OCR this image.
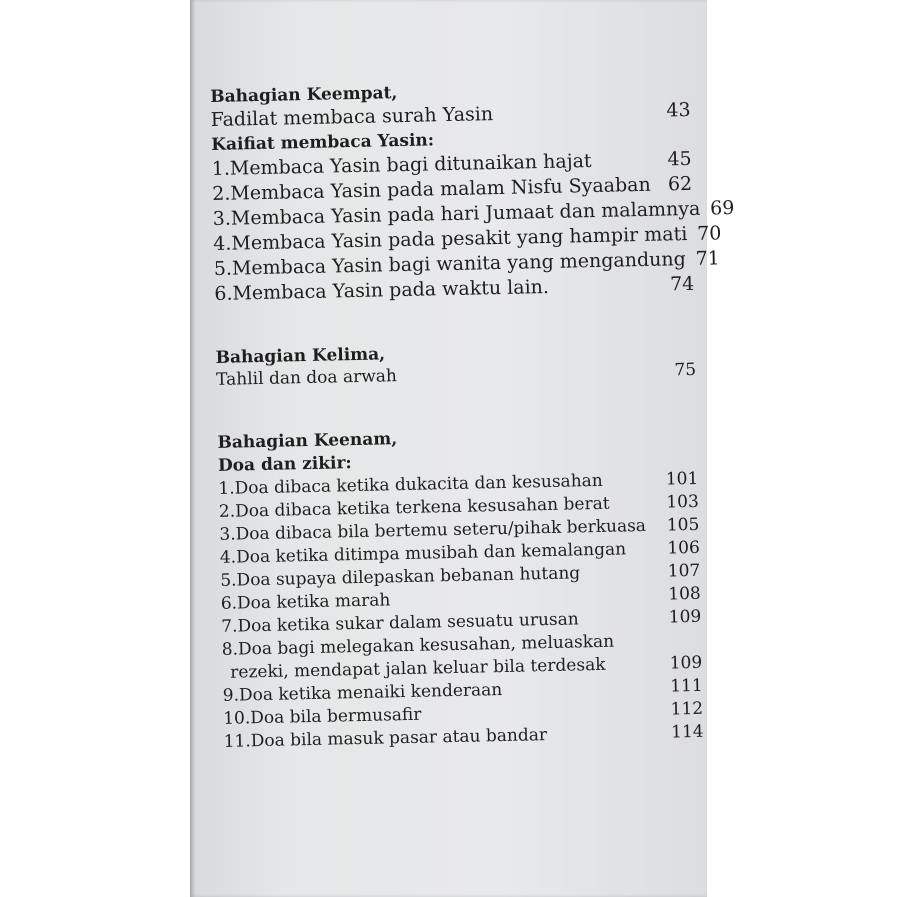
Bahagian Keempat,
Fadilat membaca surah Yasin	43
Kaifiat membaca Yasin:
1.Membaca Yasin bagi ditunaikan hajat	45
2.Membaca Yasin pada malam Nisfu Syaaban 62
3.Membaca Yasin pada hari Jumaat dan malamnya 69
4.Membaca Yasin pada pesakit yang hampir mati 70
5.Membaca Yasin bagi wanita yang mengandung 71
6.Membaca Yasin pada waktu lain.	74
Bahagian Kelima,
Tahlil dan doa arwah	75
Bahagian Keenam,
Doa dan zikir:
1.Doa dibaca ketika dukacita dan kesusahan	101
2.Doa dibaca ketika terkena kesusahan berat	103
3.Doa dibaca bila bertemu seteru/pihak berkuasa	105
4.Doa ketika ditimpa musibah dan kemalangan	106
5.Doa supaya dilepaskan bebanan hutang	107
6.Doa ketika marah	108
7.Doa ketika sukar dalam sesuatu urusan	109
8.Doa bagi melegakan kesusahan, meluaskan
rezeki, mendapat jalan keluar bila terdesak	109
9.Doa ketika menaiki kenderaan	111
10.Doa bila bermusafir	112
11.Doa bila masuk pasar atau bandar	114
